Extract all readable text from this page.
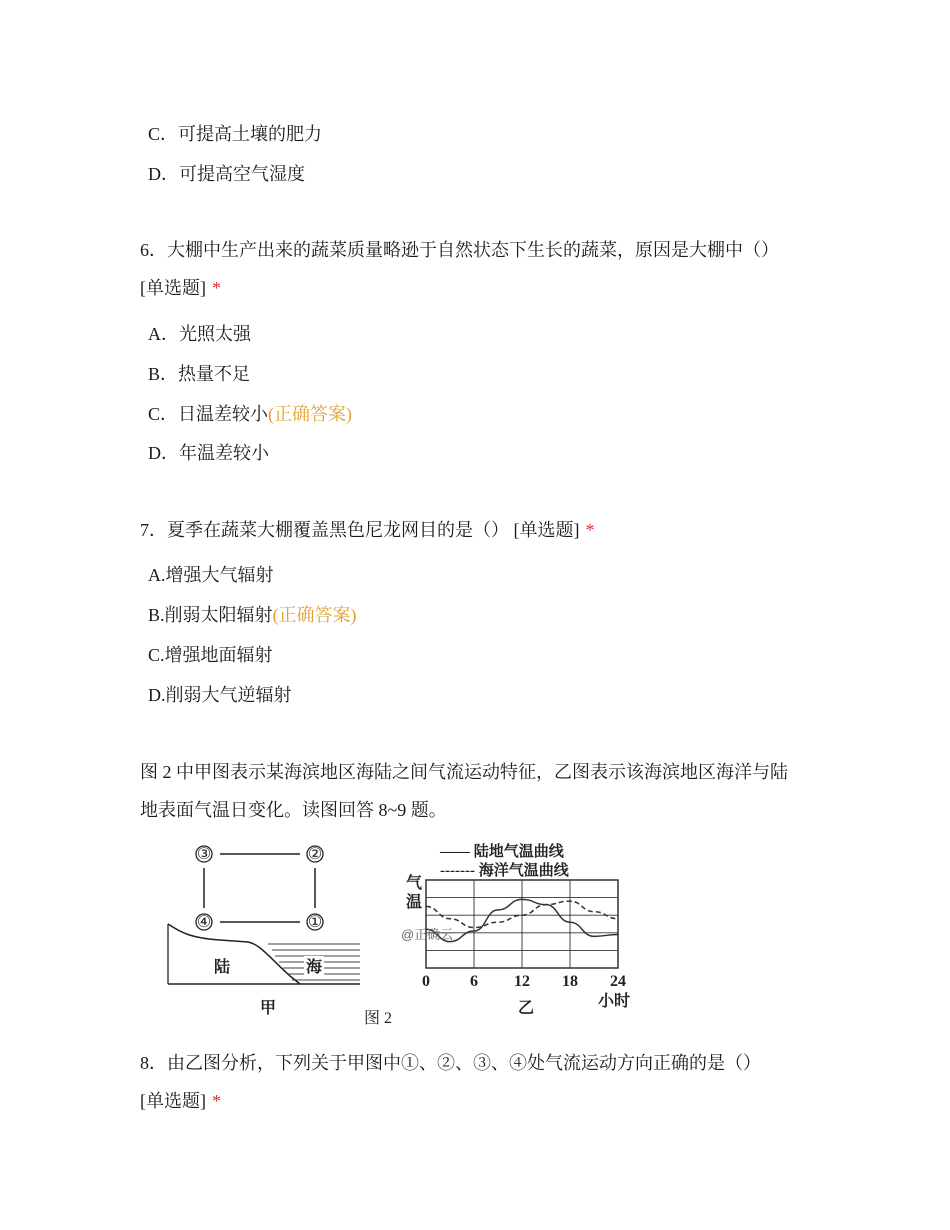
C．可提高土壤的肥力
D．可提高空气湿度
6．大棚中生产出来的蔬菜质量略逊于自然状态下生长的蔬菜，原因是大棚中（）
[单选题] *
A．光照太强
B．热量不足
C．日温差较小(正确答案)
D．年温差较小
7．夏季在蔬菜大棚覆盖黑色尼龙网目的是（） [单选题] *
A.增强大气辐射
B.削弱太阳辐射(正确答案)
C.增强地面辐射
D.削弱大气逆辐射
图 2 中甲图表示某海滨地区海陆之间气流运动特征，乙图表示该海滨地区海洋与陆
地表面气温日变化。读图回答 8~9 题。
③	②
④	①
陆	海
甲
—— 陆地气温曲线
------- 海洋气温曲线
气
温
@正确云
0	6 12 18 24
小时
乙
图 2
8．由乙图分析，下列关于甲图中①、②、③、④处气流运动方向正确的是（）
[单选题] *
